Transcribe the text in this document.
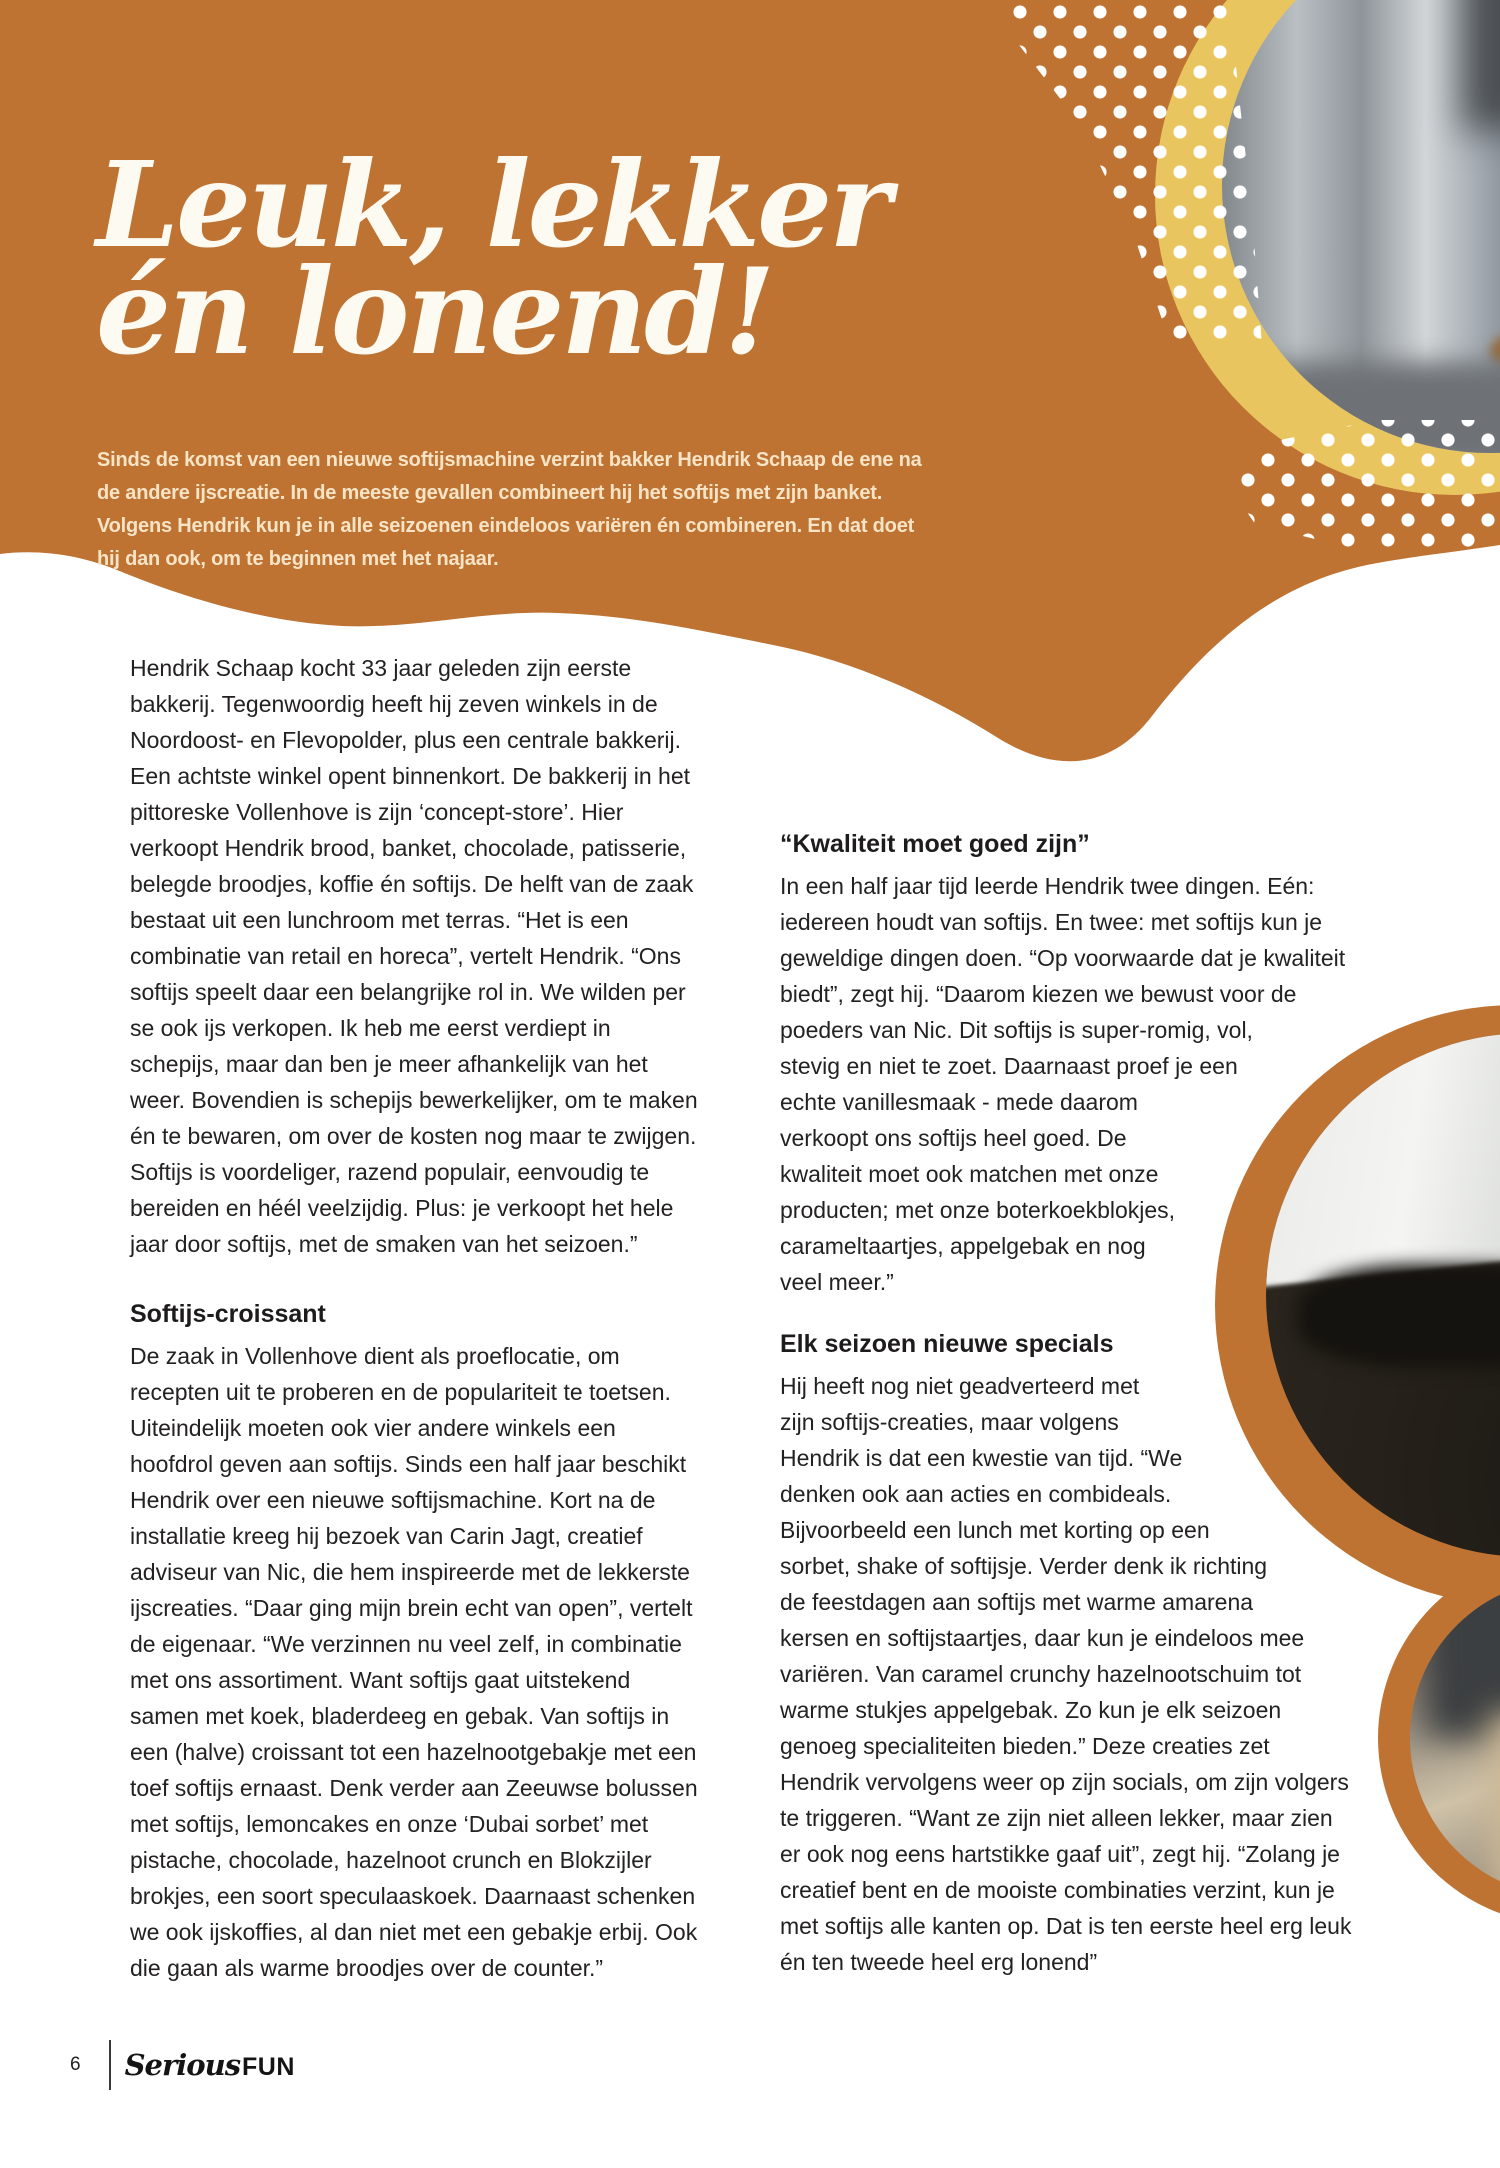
Leuk, lekker
én lonend!

Sinds de komst van een nieuwe softijsmachine verzint bakker Hendrik Schaap de ene na de andere ijscreatie. In de meeste gevallen combineert hij het softijs met zijn banket. Volgens Hendrik kun je in alle seizoenen eindeloos variëren én combineren. En dat doet hij dan ook, om te beginnen met het najaar.

Hendrik Schaap kocht 33 jaar geleden zijn eerste bakkerij. Tegenwoordig heeft hij zeven winkels in de Noordoost- en Flevopolder, plus een centrale bakkerij. Een achtste winkel opent binnenkort. De bakkerij in het pittoreske Vollenhove is zijn ‘concept-store’. Hier verkoopt Hendrik brood, banket, chocolade, patisserie, belegde broodjes, koffie én softijs. De helft van de zaak bestaat uit een lunchroom met terras. “Het is een combinatie van retail en horeca”, vertelt Hendrik. “Ons softijs speelt daar een belangrijke rol in. We wilden per se ook ijs verkopen. Ik heb me eerst verdiept in schepijs, maar dan ben je meer afhankelijk van het weer. Bovendien is schepijs bewerkelijker, om te maken én te bewaren, om over de kosten nog maar te zwijgen. Softijs is voordeliger, razend populair, eenvoudig te bereiden en héél veelzijdig. Plus: je verkoopt het hele jaar door softijs, met de smaken van het seizoen.”

Softijs-croissant

De zaak in Vollenhove dient als proeflocatie, om recepten uit te proberen en de populariteit te toetsen. Uiteindelijk moeten ook vier andere winkels een hoofdrol geven aan softijs. Sinds een half jaar beschikt Hendrik over een nieuwe softijsmachine. Kort na de installatie kreeg hij bezoek van Carin Jagt, creatief adviseur van Nic, die hem inspireerde met de lekkerste ijscreaties. “Daar ging mijn brein echt van open”, vertelt de eigenaar. “We verzinnen nu veel zelf, in combinatie met ons assortiment. Want softijs gaat uitstekend samen met koek, bladerdeeg en gebak. Van softijs in een (halve) croissant tot een hazelnootgebakje met een toef softijs ernaast. Denk verder aan Zeeuwse bolussen met softijs, lemoncakes en onze ‘Dubai sorbet’ met pistache, chocolade, hazelnoot crunch en Blokzijler brokjes, een soort speculaaskoek. Daarnaast schenken we ook ijskoffies, al dan niet met een gebakje erbij. Ook die gaan als warme broodjes over de counter.”

“Kwaliteit moet goed zijn”

In een half jaar tijd leerde Hendrik twee dingen. Eén: iedereen houdt van softijs. En twee: met softijs kun je geweldige dingen doen. “Op voorwaarde dat je kwaliteit biedt”, zegt hij. “Daarom kiezen we bewust voor de poeders van Nic. Dit softijs is super-romig, vol, stevig en niet te zoet. Daarnaast proef je een echte vanillesmaak - mede daarom verkoopt ons softijs heel goed. De kwaliteit moet ook matchen met onze producten; met onze boterkoekblokjes, carameltaartjes, appelgebak en nog veel meer.”

Elk seizoen nieuwe specials

Hij heeft nog niet geadverteerd met zijn softijs-creaties, maar volgens Hendrik is dat een kwestie van tijd. “We denken ook aan acties en combideals. Bijvoorbeeld een lunch met korting op een sorbet, shake of softijsje. Verder denk ik richting de feestdagen aan softijs met warme amarena kersen en softijstaartjes, daar kun je eindeloos mee variëren. Van caramel crunchy hazelnootschuim tot warme stukjes appelgebak. Zo kun je elk seizoen genoeg specialiteiten bieden.” Deze creaties zet Hendrik vervolgens weer op zijn socials, om zijn volgers te triggeren. “Want ze zijn niet alleen lekker, maar zien er ook nog eens hartstikke gaaf uit”, zegt hij. “Zolang je creatief bent en de mooiste combinaties verzint, kun je met softijs alle kanten op. Dat is ten eerste heel erg leuk én ten tweede heel erg lonend”

6 Serious FUN
